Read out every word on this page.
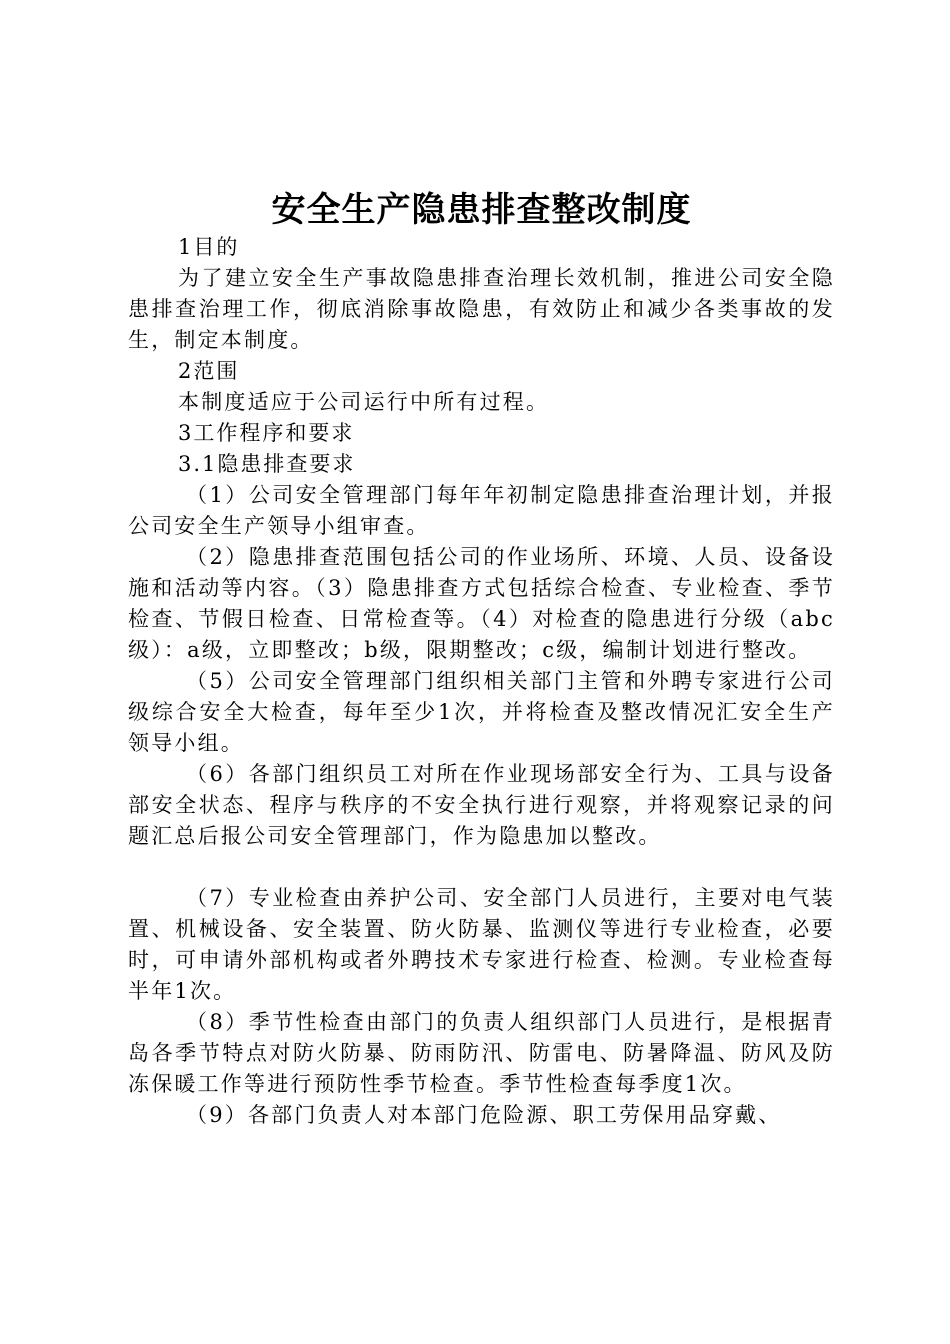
安全生产隐患排查整改制度

1目的

为了建立安全生产事故隐患排查治理长效机制，推进公司安全隐患排查治理工作，彻底消除事故隐患，有效防止和减少各类事故的发生，制定本制度。

2范围

本制度适应于公司运行中所有过程。

3工作程序和要求

3.1隐患排查要求

（1）公司安全管理部门每年年初制定隐患排查治理计划，并报公司安全生产领导小组审查。

（2）隐患排查范围包括公司的作业场所、环境、人员、设备设施和活动等内容。（3）隐患排查方式包括综合检查、专业检查、季节检查、节假日检查、日常检查等。（4）对检查的隐患进行分级（abc级）：a级，立即整改；b级，限期整改；c级，编制计划进行整改。

（5）公司安全管理部门组织相关部门主管和外聘专家进行公司级综合安全大检查，每年至少1次，并将检查及整改情况汇安全生产领导小组。

（6）各部门组织员工对所在作业现场部安全行为、工具与设备部安全状态、程序与秩序的不安全执行进行观察，并将观察记录的问题汇总后报公司安全管理部门，作为隐患加以整改。

（7）专业检查由养护公司、安全部门人员进行，主要对电气装置、机械设备、安全装置、防火防暴、监测仪等进行专业检查，必要时，可申请外部机构或者外聘技术专家进行检查、检测。专业检查每半年1次。

（8）季节性检查由部门的负责人组织部门人员进行，是根据青岛各季节特点对防火防暴、防雨防汛、防雷电、防暑降温、防风及防冻保暖工作等进行预防性季节检查。季节性检查每季度1次。

（9）各部门负责人对本部门危险源、职工劳保用品穿戴、
